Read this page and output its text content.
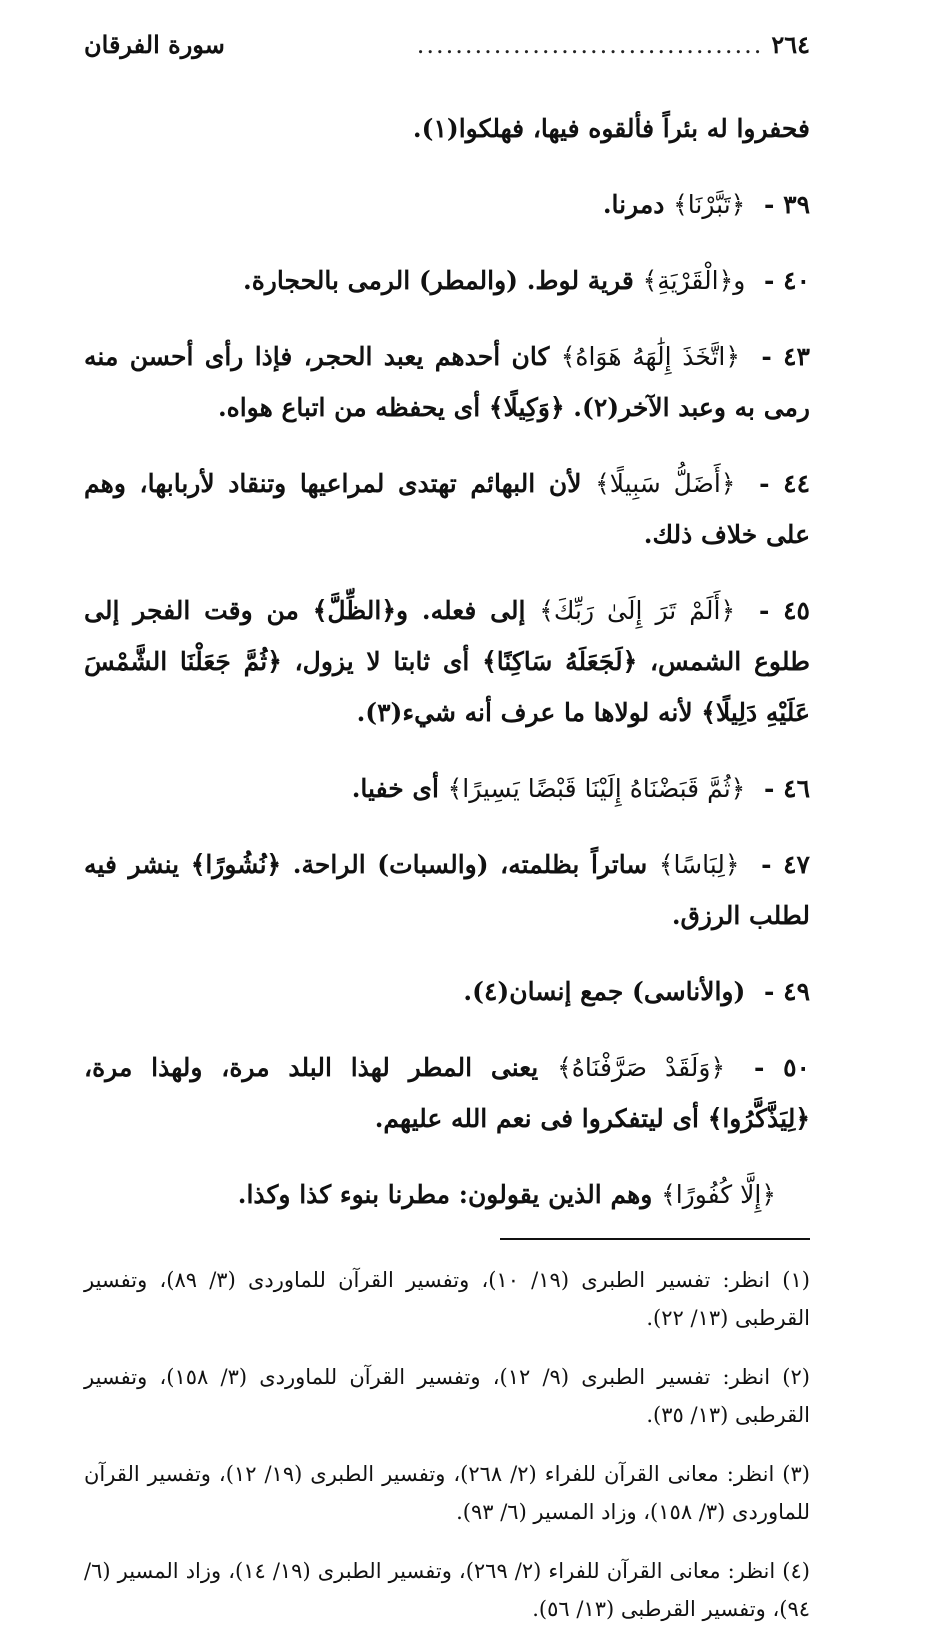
٢٦٤
....................................
سورة الفرقان

فحفروا له بئراً فألقوه فيها، فهلكوا(١).

٣٩ - ﴿تَبَّرْنَا﴾ دمرنا.

٤٠ - و﴿الْقَرْيَةِ﴾ قرية لوط. (والمطر) الرمى بالحجارة.

٤٣ - ﴿اتَّخَذَ إِلَٰهَهُ هَوَاهُ﴾ كان أحدهم يعبد الحجر، فإذا رأى أحسن منه رمى به وعبد الآخر(٢). ﴿وَكِيلًا﴾ أى يحفظه من اتباع هواه.

٤٤ - ﴿أَضَلُّ سَبِيلًا﴾ لأن البهائم تهتدى لمراعيها وتنقاد لأربابها، وهم على خلاف ذلك.

٤٥ - ﴿أَلَمْ تَرَ إِلَىٰ رَبِّكَ﴾ إلى فعله. و﴿الظِّلَّ﴾ من وقت الفجر إلى طلوع الشمس، ﴿لَجَعَلَهُ سَاكِنًا﴾ أى ثابتا لا يزول، ﴿ثُمَّ جَعَلْنَا الشَّمْسَ عَلَيْهِ دَلِيلًا﴾ لأنه لولاها ما عرف أنه شيء(٣).

٤٦ - ﴿ثُمَّ قَبَضْنَاهُ إِلَيْنَا قَبْضًا يَسِيرًا﴾ أى خفيا.

٤٧ - ﴿لِبَاسًا﴾ ساتراً بظلمته، (والسبات) الراحة. ﴿نُشُورًا﴾ ينشر فيه لطلب الرزق.

٤٩ - (والأناسى) جمع إنسان(٤).

٥٠ - ﴿وَلَقَدْ صَرَّفْنَاهُ﴾ يعنى المطر لهذا البلد مرة، ولهذا مرة، ﴿لِيَذَّكَّرُوا﴾ أى ليتفكروا فى نعم الله عليهم.

﴿إِلَّا كُفُورًا﴾ وهم الذين يقولون: مطرنا بنوء كذا وكذا.

(١) انظر: تفسير الطبرى (١٩/ ١٠)، وتفسير القرآن للماوردى (٣/ ٨٩)، وتفسير القرطبى (١٣/ ٢٢).

(٢) انظر: تفسير الطبرى (٩/ ١٢)، وتفسير القرآن للماوردى (٣/ ١٥٨)، وتفسير القرطبى (١٣/ ٣٥).

(٣) انظر: معانى القرآن للفراء (٢/ ٢٦٨)، وتفسير الطبرى (١٩/ ١٢)، وتفسير القرآن للماوردى (٣/ ١٥٨)، وزاد المسير (٦/ ٩٣).

(٤) انظر: معانى القرآن للفراء (٢/ ٢٦٩)، وتفسير الطبرى (١٩/ ١٤)، وزاد المسير (٦/ ٩٤)، وتفسير القرطبى (١٣/ ٥٦).
